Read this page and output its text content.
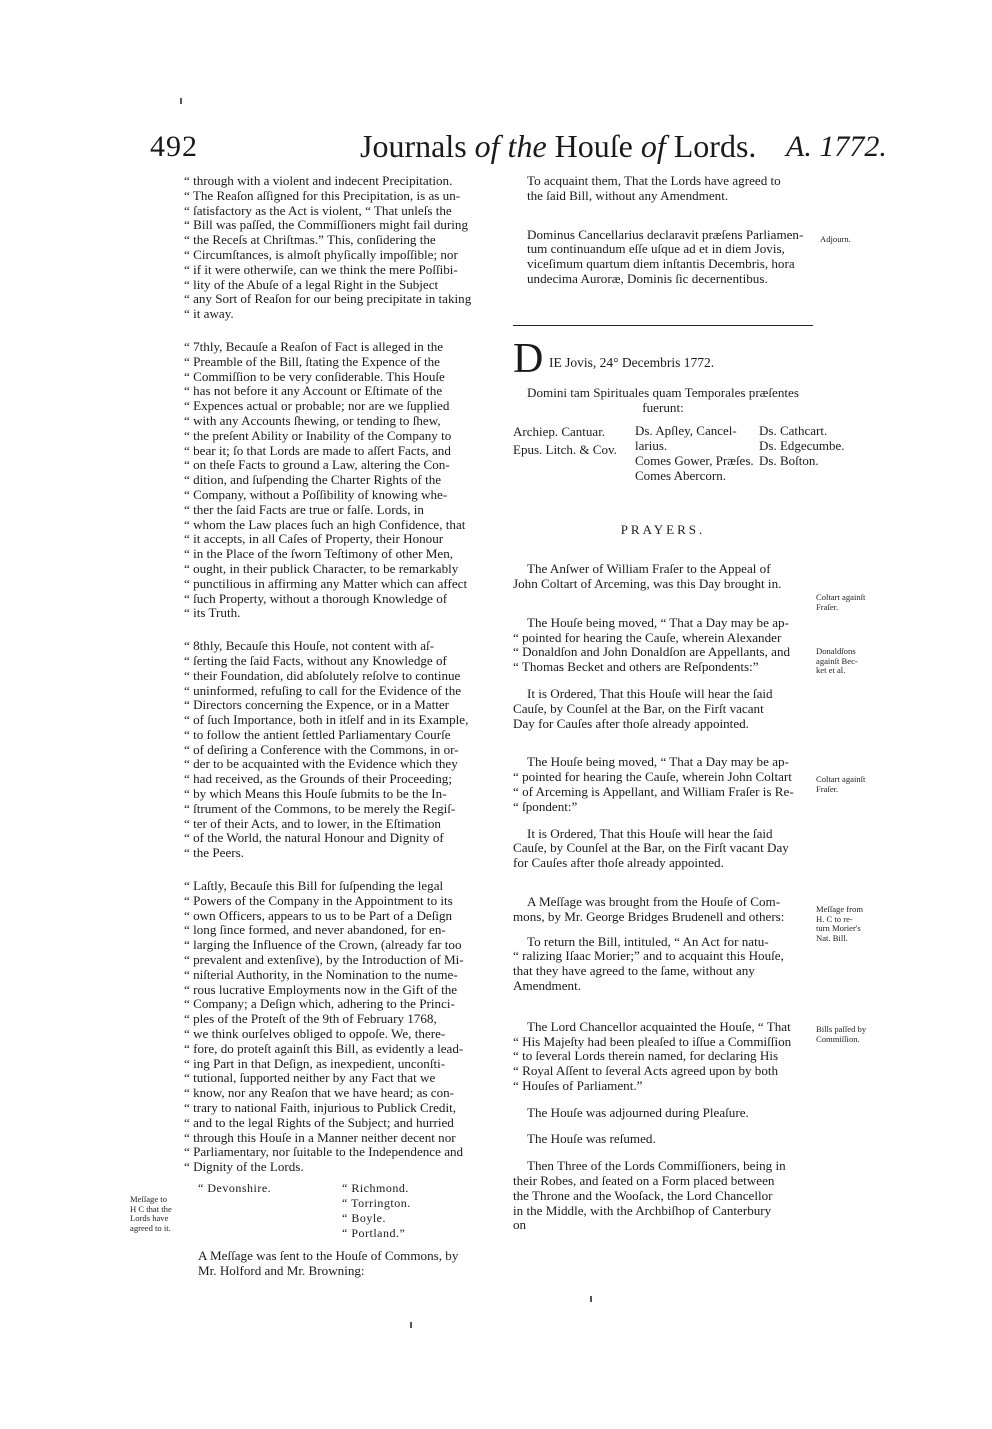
492	Journals of the Houſe of Lords. A. 1772.
“ through with a violent and indecent Precipitation.
“ The Reaſon aſſigned for this Precipitation, is as un-
“ ſatisfactory as the Act is violent, “ That unleſs the
“ Bill was paſſed, the Commiſſioners might fail during
“ the Receſs at Chriſtmas.” This, conſidering the
“ Circumſtances, is almoſt phyſically impoſſible; nor
“ if it were otherwiſe, can we think the mere Poſſibi-
“ lity of the Abuſe of a legal Right in the Subject
“ any Sort of Reaſon for our being precipitate in taking
“ it away.
“ 7thly, Becauſe a Reaſon of Fact is alleged in the
“ Preamble of the Bill, ſtating the Expence of the
“ Commiſſion to be very conſiderable. This Houſe
“ has not before it any Account or Eſtimate of the
“ Expences actual or probable; nor are we ſupplied
“ with any Accounts ſhewing, or tending to ſhew,
“ the preſent Ability or Inability of the Company to
“ bear it; ſo that Lords are made to aſſert Facts, and
“ on theſe Facts to ground a Law, altering the Con-
“ dition, and ſuſpending the Charter Rights of the
“ Company, without a Poſſibility of knowing whe-
“ ther the ſaid Facts are true or falſe. Lords, in
“ whom the Law places ſuch an high Confidence, that
“ it accepts, in all Caſes of Property, their Honour
“ in the Place of the ſworn Teſtimony of other Men,
“ ought, in their publick Character, to be remarkably
“ punctilious in affirming any Matter which can affect
“ ſuch Property, without a thorough Knowledge of
“ its Truth.
“ 8thly, Becauſe this Houſe, not content with aſ-
“ ſerting the ſaid Facts, without any Knowledge of
“ their Foundation, did abſolutely reſolve to continue
“ uninformed, refuſing to call for the Evidence of the
“ Directors concerning the Expence, or in a Matter
“ of ſuch Importance, both in itſelf and in its Example,
“ to follow the antient ſettled Parliamentary Courſe
“ of deſiring a Conference with the Commons, in or-
“ der to be acquainted with the Evidence which they
“ had received, as the Grounds of their Proceeding;
“ by which Means this Houſe ſubmits to be the In-
“ ſtrument of the Commons, to be merely the Regiſ-
“ ter of their Acts, and to lower, in the Eſtimation
“ of the World, the natural Honour and Dignity of
“ the Peers.
“ Laſtly, Becauſe this Bill for ſuſpending the legal
“ Powers of the Company in the Appointment to its
“ own Officers, appears to us to be Part of a Deſign
“ long ſince formed, and never abandoned, for en-
“ larging the Influence of the Crown, (already far too
“ prevalent and extenſive), by the Introduction of Mi-
“ niſterial Authority, in the Nomination to the nume-
“ rous lucrative Employments now in the Gift of the
“ Company; a Deſign which, adhering to the Princi-
“ ples of the Proteſt of the 9th of February 1768,
“ we think ourſelves obliged to oppoſe. We, there-
“ fore, do proteſt againſt this Bill, as evidently a lead-
“ ing Part in that Deſign, as inexpedient, unconſti-
“ tutional, ſupported neither by any Fact that we
“ know, nor any Reaſon that we have heard; as con-
“ trary to national Faith, injurious to Publick Credit,
“ and to the legal Rights of the Subject; and hurried
“ through this Houſe in a Manner neither decent nor
“ Parliamentary, nor ſuitable to the Independence and
“ Dignity of the Lords.
“ Devonshire.	“ Richmond.
“ Torrington.
“ Boyle.
“ Portland.”
A Meſſage was ſent to the Houſe of Commons, by
Mr. Holford and Mr. Browning:
To acquaint them, That the Lords have agreed to
the ſaid Bill, without any Amendment.
Dominus Cancellarius declaravit præſens Parliamen-
tum continuandum eſſe uſque ad et in diem Jovis,
viceſimum quartum diem inſtantis Decembris, hora
undecima Auroræ, Dominis ſic decernentibus.
D IE Jovis, 24° Decembris 1772.
Domini tam Spirituales quam Temporales præſentes
fuerunt:
Archiep. Cantuar.
Epus. Litch. & Cov.
Ds. Apſley, Cancel-
larius.
Comes Gower, Præſes.
Comes Abercorn.
Ds. Cathcart.
Ds. Edgecumbe.
Ds. Boſton.
PRAYERS.
The Anſwer of William Fraſer to the Appeal of
John Coltart of Arceming, was this Day brought in.
The Houſe being moved, “ That a Day may be ap-
“ pointed for hearing the Cauſe, wherein Alexander
“ Donaldſon and John Donaldſon are Appellants, and
“ Thomas Becket and others are Reſpondents:”
It is Ordered, That this Houſe will hear the ſaid
Cauſe, by Counſel at the Bar, on the Firſt vacant
Day for Cauſes after thoſe already appointed.
The Houſe being moved, “ That a Day may be ap-
“ pointed for hearing the Cauſe, wherein John Coltart
“ of Arceming is Appellant, and William Fraſer is Re-
“ ſpondent:”
It is Ordered, That this Houſe will hear the ſaid
Cauſe, by Counſel at the Bar, on the Firſt vacant Day
for Cauſes after thoſe already appointed.
A Meſſage was brought from the Houſe of Com-
mons, by Mr. George Bridges Brudenell and others:
To return the Bill, intituled, “ An Act for natu-
“ ralizing Iſaac Morier;” and to acquaint this Houſe,
that they have agreed to the ſame, without any
Amendment.
The Lord Chancellor acquainted the Houſe, “ That
“ His Majeſty had been pleaſed to iſſue a Commiſſion
“ to ſeveral Lords therein named, for declaring His
“ Royal Aſſent to ſeveral Acts agreed upon by both
“ Houſes of Parliament.”
The Houſe was adjourned during Pleaſure.
The Houſe was reſumed.
Then Three of the Lords Commiſſioners, being in
their Robes, and ſeated on a Form placed between
the Throne and the Wooſack, the Lord Chancellor
in the Middle, with the Archbiſhop of Canterbury
on
Adjourn.
Coltart againſt
Fraſer.
Donaldſons
againſt Bec-
ket et al.
Coltart againſt
Fraſer.
Meſſage from
H. C to re-
turn Morier's
Nat. Bill.
Bills paſſed by
Commiſſion.
Meſſage to
H C that the
Lords have
agreed to it.
